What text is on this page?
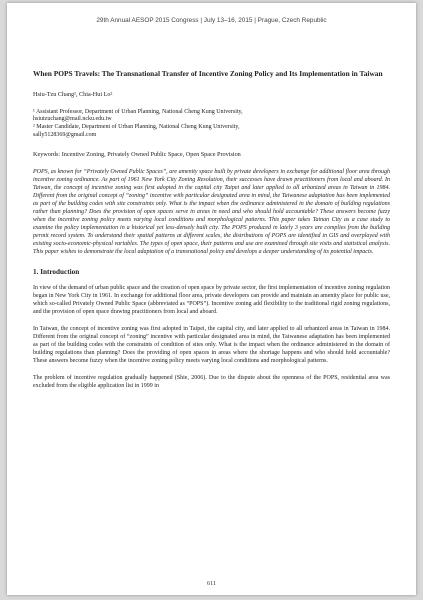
29th Annual AESOP 2015 Congress | July 13–16, 2015 | Prague, Czech Republic
When POPS Travels: The Transnational Transfer of Incentive Zoning Policy and Its Implementation in Taiwan
Hsiu-Tzu Chang¹, Chia-Hui Lo²
¹ Assistant Professor, Department of Urban Planning, National Cheng Kung University,
hsiutzuchang@mail.ncku.edu.tw
² Master Candidate, Department of Urban Planning, National Cheng Kung University,
sally5128369@gmail.com
Keywords: Incentive Zoning, Privately Owned Public Space, Open Space Provision
POPS, as known for “Privately Owned Public Spaces”, are amenity space built by private developers in exchange for additional floor area through incentive zoning ordinance. As part of 1961 New York City Zoning Resolution, their successes have drawn practitioners from local and aboard. In Taiwan, the concept of incentive zoning was first adopted in the capital city Taipei and later applied to all urbanized areas in Taiwan in 1984. Different from the original concept of “zoning” incentive with particular designated area in mind, the Taiwanese adaptation has been implemented as part of the building codes with site constraints only. What is the impact when the ordinance administered in the domain of building regulations rather than planning? Does the provision of open spaces serve in areas in need and who should hold accountable? These answers become fuzzy when the incentive zoning policy meets varying local conditions and morphological patterns. This paper takes Tainan City as a case study to examine the policy implementation in a historical yet less-densely built city. The POPS produced in lately 3 years are complies from the building permit record system. To understand their spatial patterns at different scales, the distributions of POPS are identified in GIS and overplayed with existing socio-economic-physical variables. The types of open space, their patterns and use are examined through site visits and statistical analysis. This paper wishes to demonstrate the local adaptation of a transnational policy and develops a deeper understanding of its potential impacts.
1. Introduction

In view of the demand of urban public space and the creation of open space by private sector, the first implementation of incentive zoning regulation began in New York City in 1961. In exchange for additional floor area, private developers can provide and maintain an amenity place for public use, which so-called Privately Owned Public Space (abbreviated as “POPS”). Incentive zoning add flexibility to the traditional rigid zoning regulations, and the provision of open space drawing practitioners from local and aboard.

In Taiwan, the concept of incentive zoning was first adopted in Taipei, the capital city, and later applied to all urbanized areas in Taiwan in 1984. Different from the original concept of “zoning” incentive with particular designated area in mind, the Taiwanese adaptation has been implemented as part of the building codes with the constraints of condition of sites only. What is the impact when the ordinance administered in the domain of building regulations than planning? Does the providing of open spaces in areas where the shortage happens and who should hold accountable? These answers become fuzzy when the incentive zoning policy meets varying local conditions and morphological patterns.

The problem of incentive regulation gradually happened (Shie, 2006). Due to the dispute about the openness of the POPS, residential area was excluded from the eligible application list in 1999 in

611
